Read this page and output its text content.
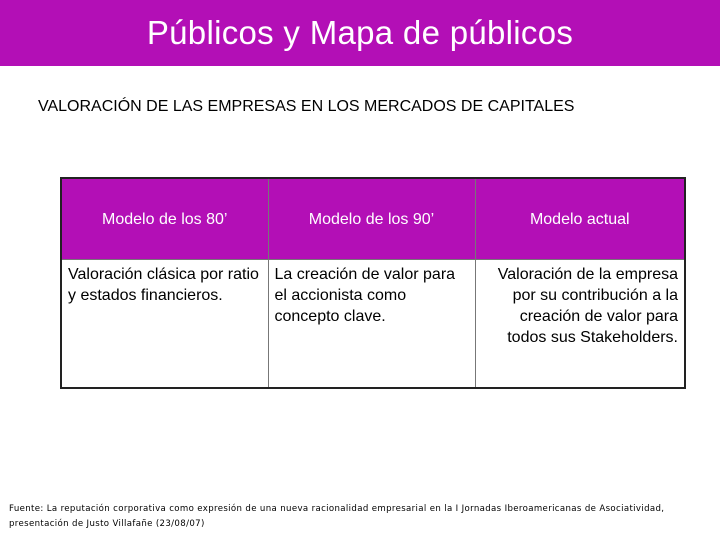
Públicos y Mapa de públicos
VALORACIÓN DE LAS EMPRESAS EN LOS MERCADOS DE CAPITALES
Modelo de los 80’	Modelo de los 90’	Modelo actual
Valoración clásica por ratio y estados financieros.	La creación de valor para el accionista como concepto clave.	Valoración de la empresa por su contribución a la creación de valor para todos sus Stakeholders.
Fuente: La reputación corporativa como expresión de una nueva racionalidad empresarial en la I Jornadas Iberoamericanas de Asociatividad, presentación de Justo Villafañe (23/08/07)
